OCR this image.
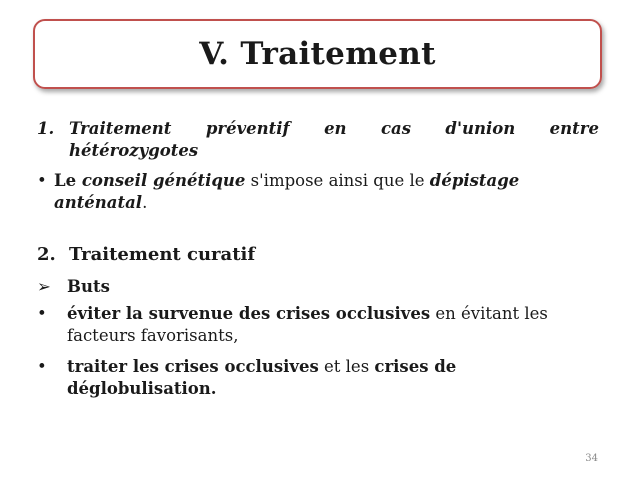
V. Traitement
1. Traitement préventif en cas d'union entre
hétérozygotes
• Le conseil génétique s'impose ainsi que le dépistage
anténatal.
2. Traitement curatif
➢ Buts
•	éviter la survenue des crises occlusives en évitant les
facteurs favorisants,
•	traiter les crises occlusives et les crises de
déglobulisation.
34
